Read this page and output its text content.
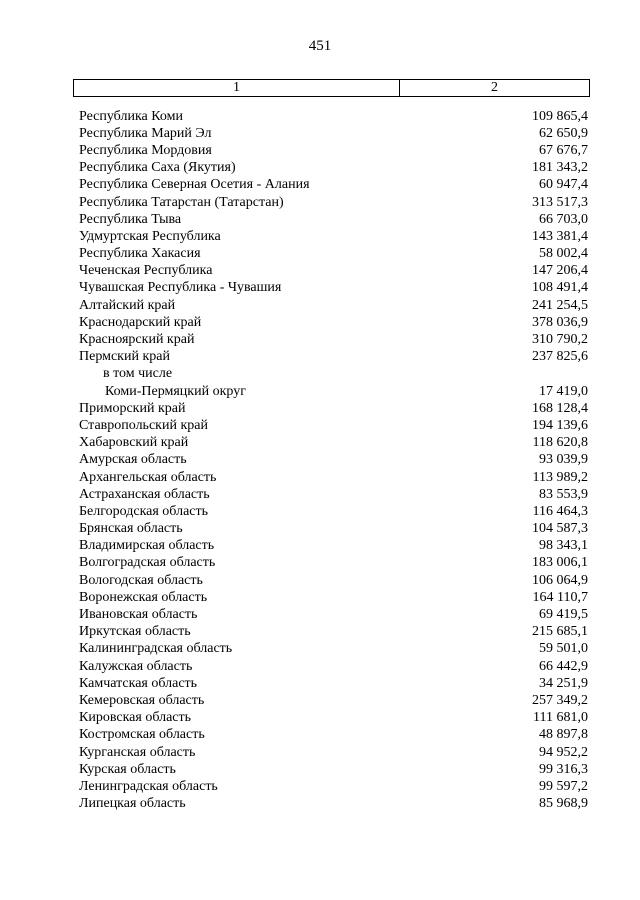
451
1	2
Республика Коми	109 865,4
Республика Марий Эл	62 650,9
Республика Мордовия	67 676,7
Республика Саха (Якутия)	181 343,2
Республика Северная Осетия - Алания	60 947,4
Республика Татарстан (Татарстан)	313 517,3
Республика Тыва	66 703,0
Удмуртская Республика	143 381,4
Республика Хакасия	58 002,4
Чеченская Республика	147 206,4
Чувашская Республика - Чувашия	108 491,4
Алтайский край	241 254,5
Краснодарский край	378 036,9
Красноярский край	310 790,2
Пермский край	237 825,6
в том числе
Коми-Пермяцкий округ	17 419,0
Приморский край	168 128,4
Ставропольский край	194 139,6
Хабаровский край	118 620,8
Амурская область	93 039,9
Архангельская область	113 989,2
Астраханская область	83 553,9
Белгородская область	116 464,3
Брянская область	104 587,3
Владимирская область	98 343,1
Волгоградская область	183 006,1
Вологодская область	106 064,9
Воронежская область	164 110,7
Ивановская область	69 419,5
Иркутская область	215 685,1
Калининградская область	59 501,0
Калужская область	66 442,9
Камчатская область	34 251,9
Кемеровская область	257 349,2
Кировская область	111 681,0
Костромская область	48 897,8
Курганская область	94 952,2
Курская область	99 316,3
Ленинградская область	99 597,2
Липецкая область	85 968,9
